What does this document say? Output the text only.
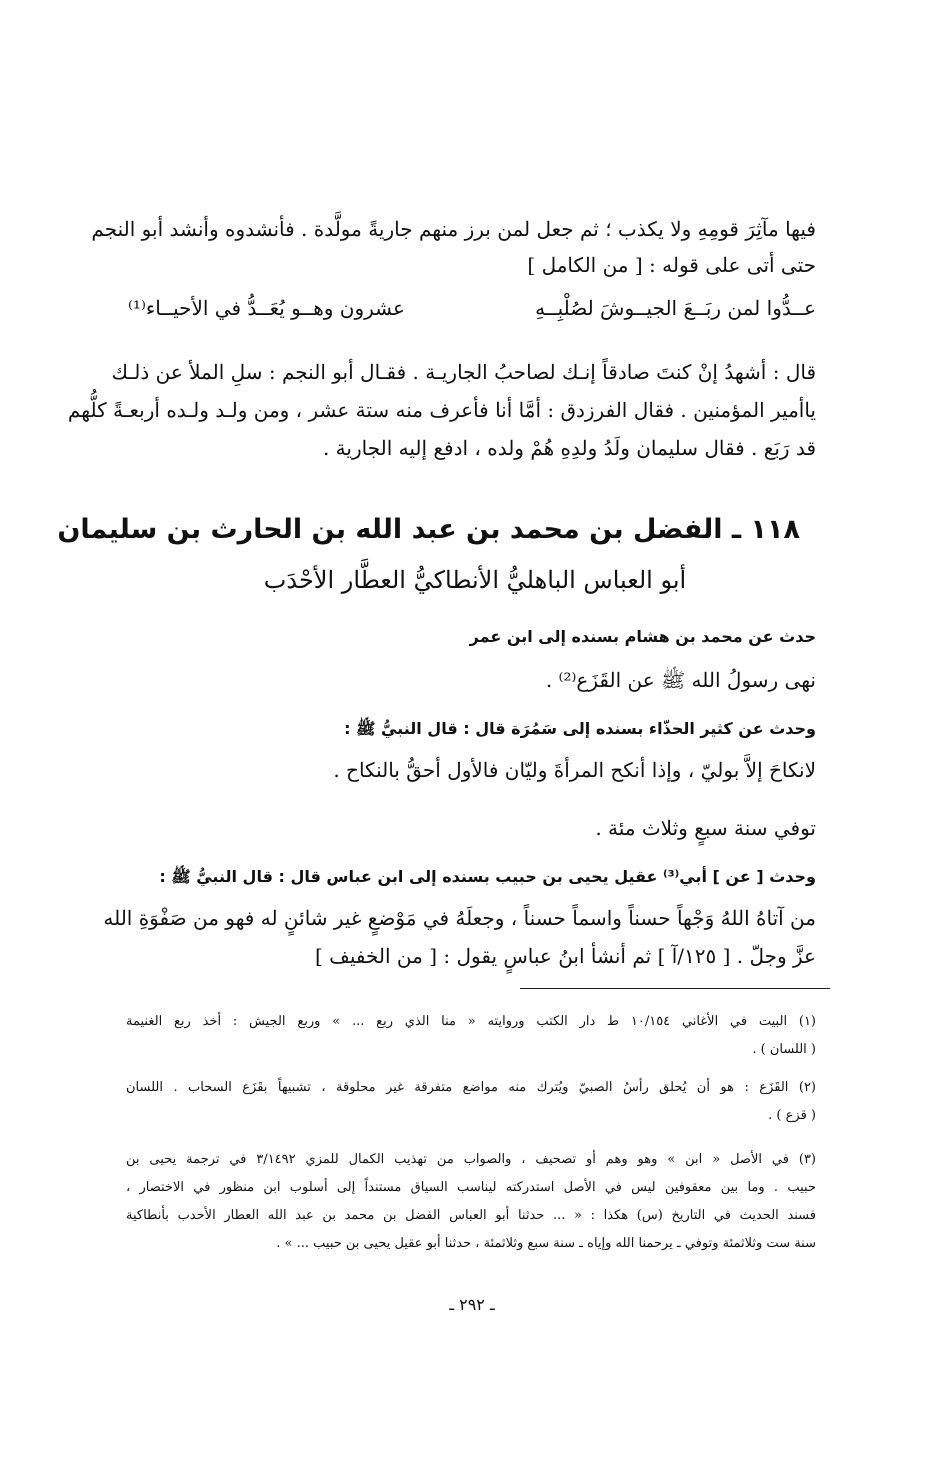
فيها مآثِرَ قومِهِ ولا يكذب ؛ ثم جعل لمن برز منهم جاريةً مولَّدة . فأنشدوه وأنشد أبو النجم
حتى أتى على قوله : [ من الكامل ]
عــدُّوا لمن ربَــعَ الجيــوشَ لصُلْبِــهِ
عشرون وهــو يُعَــدُّ في الأحيــاء⁽¹⁾
قال : أشهدُ إنْ كنتَ صادقاً إنـك لصاحبُ الجاريـة . فقـال أبو النجم : سلِ الملأ عن ذلـك
ياأمير المؤمنين . فقال الفرزدق : أمَّا أنا فأعرف منه ستة عشر ، ومن ولـد ولـده أربعـةً كلُّهم
قد رَبَع . فقال سليمان ولَدُ ولدِهِ هُمْ ولده ، ادفع إليه الجارية .
١١٨ ـ الفضل بن محمد بن عبد الله بن الحارث بن سليمان
أبو العباس الباهليُّ الأنطاكيُّ العطَّار الأحْدَب
حدث عن محمد بن هشام بسنده إلى ابن عمر
نهى رسولُ الله ﷺ عن القَزَع⁽²⁾ .
وحدث عن كثير الحذّاء بسنده إلى سَمُرَة قال : قال النبيُّ ﷺ :
لانكاحَ إلاَّ بوليّ ، وإذا أنكح المرأةَ وليّان فالأول أحقُّ بالنكاح .
توفي سنة سبعٍ وثلاث مئة .
وحدث [ عن ] أبي⁽³⁾ عقيل يحيى بن حبيب بسنده إلى ابن عباس قال : قال النبيُّ ﷺ :
من آتاهُ اللهُ وَجْهاً حسناً واسماً حسناً ، وجعلَهُ في مَوْضعٍ غير شائنٍ له فهو من صَفْوَةِ الله
عزَّ وجلّ . [ ١٢٥/آ ] ثم أنشأ ابنُ عباسٍ يقول : [ من الخفيف ]
(١) البيت في الأغاني ١٠/١٥٤ ط دار الكتب وروايته « منا الذي ربع ... » وربع الجيش : أخذ ربع الغنيمة
( اللسان ) .
(٢) القَزَع : هو أن يُحلق رأسُ الصبيّ ويُترك منه مواضع متفرقة غير محلوقة ، تشبيهاً بقَزَع السحاب . اللسان
( قزع ) .
(٣) في الأصل « ابن » وهو وهم أو تصحيف ، والصواب من تهذيب الكمال للمزي ٣/١٤٩٢ في ترجمة يحيى بن
حبيب . وما بين معقوفين ليس في الأصل استدركته ليناسب السياق مستنداً إلى أسلوب ابن منظور في الاختصار ،
فسند الحديث في التاريخ (س) هكذا : « ... حدثنا أبو العباس الفضل بن محمد بن عبد الله العطار الأحدب بأنطاكية
سنة ست وثلاثمئة وتوفي ـ يرحمنا الله وإياه ـ سنة سبع وثلاثمئة ، حدثنا أبو عقيل يحيى بن حبيب ... » .
ـ ٢٩٢ ـ
